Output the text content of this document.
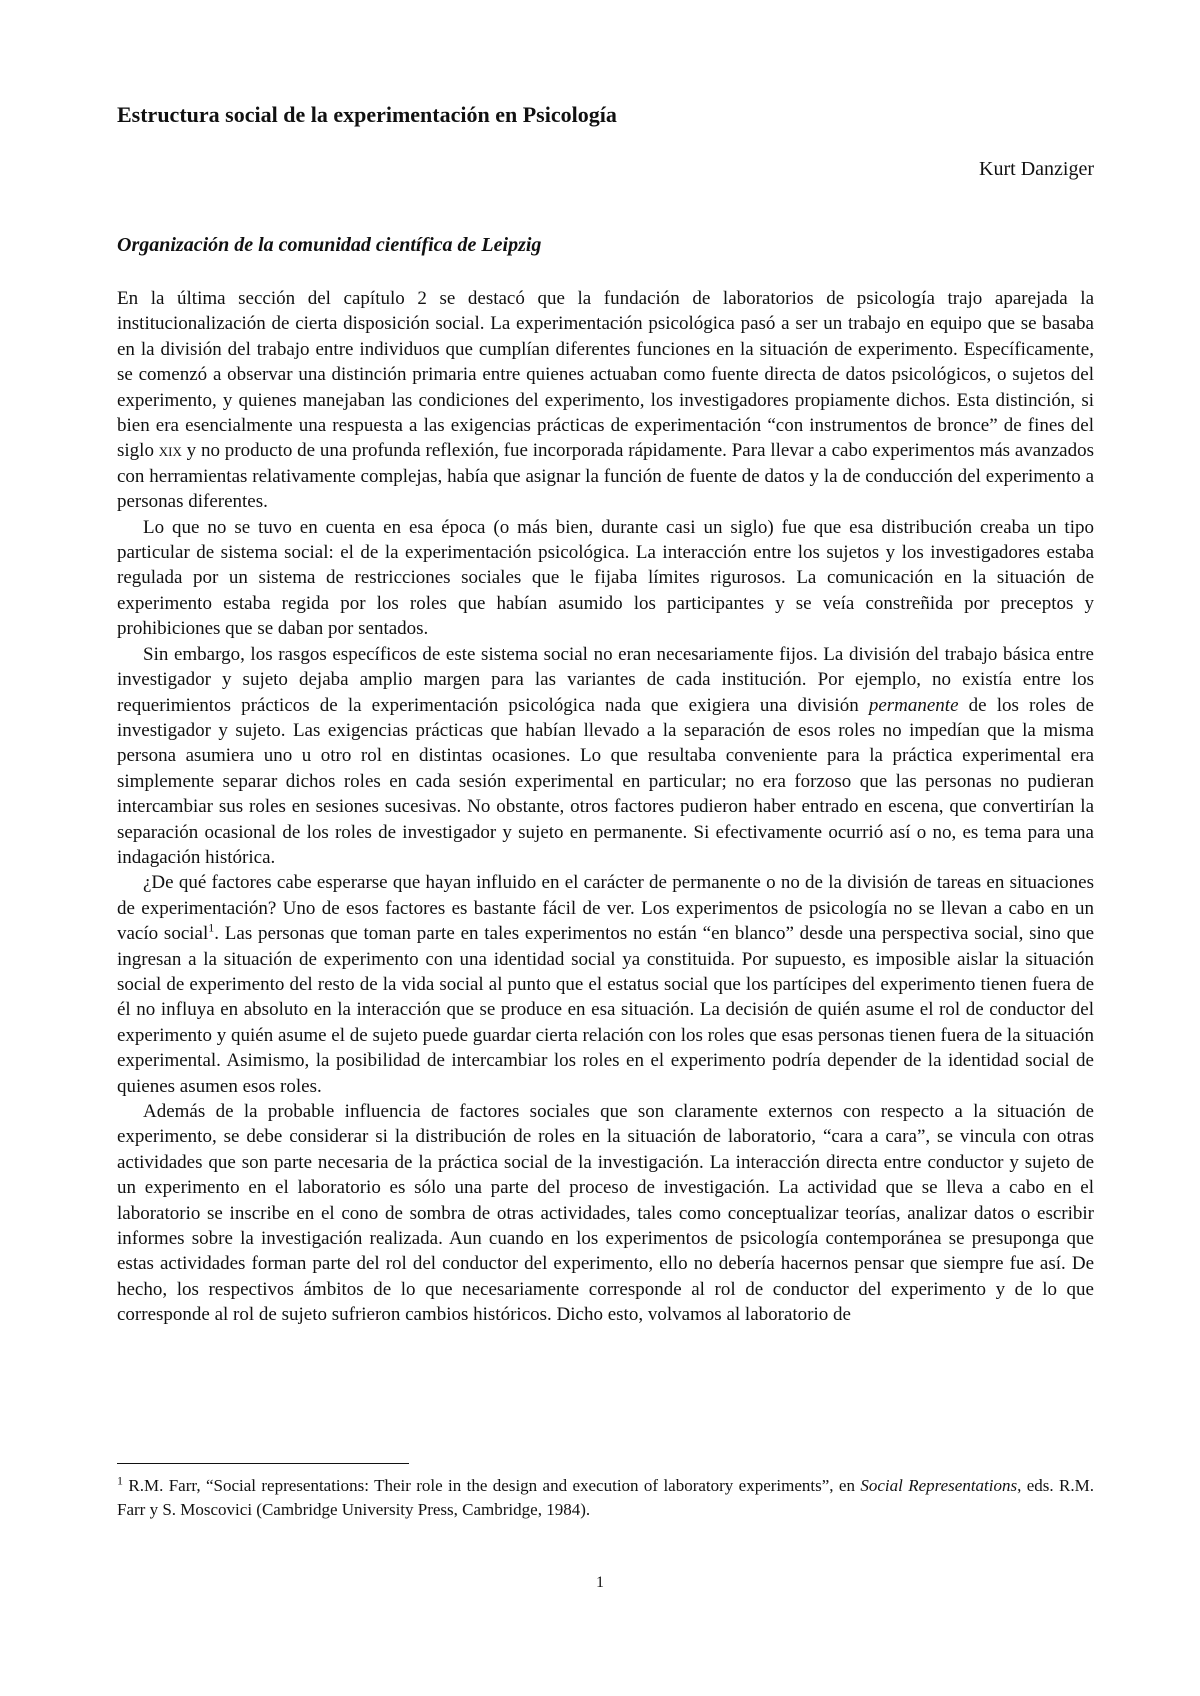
Estructura social de la experimentación en Psicología

Kurt Danziger

Organización de la comunidad científica de Leipzig

En la última sección del capítulo 2 se destacó que la fundación de laboratorios de psicología trajo aparejada la institucionalización de cierta disposición social. La experimentación psicológica pasó a ser un trabajo en equipo que se basaba en la división del trabajo entre individuos que cumplían diferentes funciones en la situación de experimento. Específicamente, se comenzó a observar una distinción primaria entre quienes actuaban como fuente directa de datos psicológicos, o sujetos del experimento, y quienes manejaban las condiciones del experimento, los investigadores propiamente dichos. Esta distinción, si bien era esencialmente una respuesta a las exigencias prácticas de experimentación “con instrumentos de bronce” de fines del siglo xix y no producto de una profunda reflexión, fue incorporada rápidamente. Para llevar a cabo experimentos más avanzados con herramientas relativamente complejas, había que asignar la función de fuente de datos y la de conducción del experimento a personas diferentes.

Lo que no se tuvo en cuenta en esa época (o más bien, durante casi un siglo) fue que esa distribución creaba un tipo particular de sistema social: el de la experimentación psicológica. La interacción entre los sujetos y los investigadores estaba regulada por un sistema de restricciones sociales que le fijaba límites rigurosos. La comunicación en la situación de experimento estaba regida por los roles que habían asumido los participantes y se veía constreñida por preceptos y prohibiciones que se daban por sentados.

Sin embargo, los rasgos específicos de este sistema social no eran necesariamente fijos. La división del trabajo básica entre investigador y sujeto dejaba amplio margen para las variantes de cada institución. Por ejemplo, no existía entre los requerimientos prácticos de la experimentación psicológica nada que exigiera una división permanente de los roles de investigador y sujeto. Las exigencias prácticas que habían llevado a la separación de esos roles no impedían que la misma persona asumiera uno u otro rol en distintas ocasiones. Lo que resultaba conveniente para la práctica experimental era simplemente separar dichos roles en cada sesión experimental en particular; no era forzoso que las personas no pudieran intercambiar sus roles en sesiones sucesivas. No obstante, otros factores pudieron haber entrado en escena, que convertirían la separación ocasional de los roles de investigador y sujeto en permanente. Si efectivamente ocurrió así o no, es tema para una indagación histórica.

¿De qué factores cabe esperarse que hayan influido en el carácter de permanente o no de la división de tareas en situaciones de experimentación? Uno de esos factores es bastante fácil de ver. Los experimentos de psicología no se llevan a cabo en un vacío social$^1$. Las personas que toman parte en tales experimentos no están “en blanco” desde una perspectiva social, sino que ingresan a la situación de experimento con una identidad social ya constituida. Por supuesto, es imposible aislar la situación social de experimento del resto de la vida social al punto que el estatus social que los partícipes del experimento tienen fuera de él no influya en absoluto en la interacción que se produce en esa situación. La decisión de quién asume el rol de conductor del experimento y quién asume el de sujeto puede guardar cierta relación con los roles que esas personas tienen fuera de la situación experimental. Asimismo, la posibilidad de intercambiar los roles en el experimento podría depender de la identidad social de quienes asumen esos roles.

Además de la probable influencia de factores sociales que son claramente externos con respecto a la situación de experimento, se debe considerar si la distribución de roles en la situación de laboratorio, “cara a cara”, se vincula con otras actividades que son parte necesaria de la práctica social de la investigación. La interacción directa entre conductor y sujeto de un experimento en el laboratorio es sólo una parte del proceso de investigación. La actividad que se lleva a cabo en el laboratorio se inscribe en el cono de sombra de otras actividades, tales como conceptualizar teorías, analizar datos o escribir informes sobre la investigación realizada. Aun cuando en los experimentos de psicología contemporánea se presuponga que estas actividades forman parte del rol del conductor del experimento, ello no debería hacernos pensar que siempre fue así. De hecho, los respectivos ámbitos de lo que necesariamente corresponde al rol de conductor del experimento y de lo que corresponde al rol de sujeto sufrieron cambios históricos. Dicho esto, volvamos al laboratorio de

$^1$ R.M. Farr, “Social representations: Their role in the design and execution of laboratory experiments”, en Social Representations, eds. R.M. Farr y S. Moscovici (Cambridge University Press, Cambridge, 1984).
1
